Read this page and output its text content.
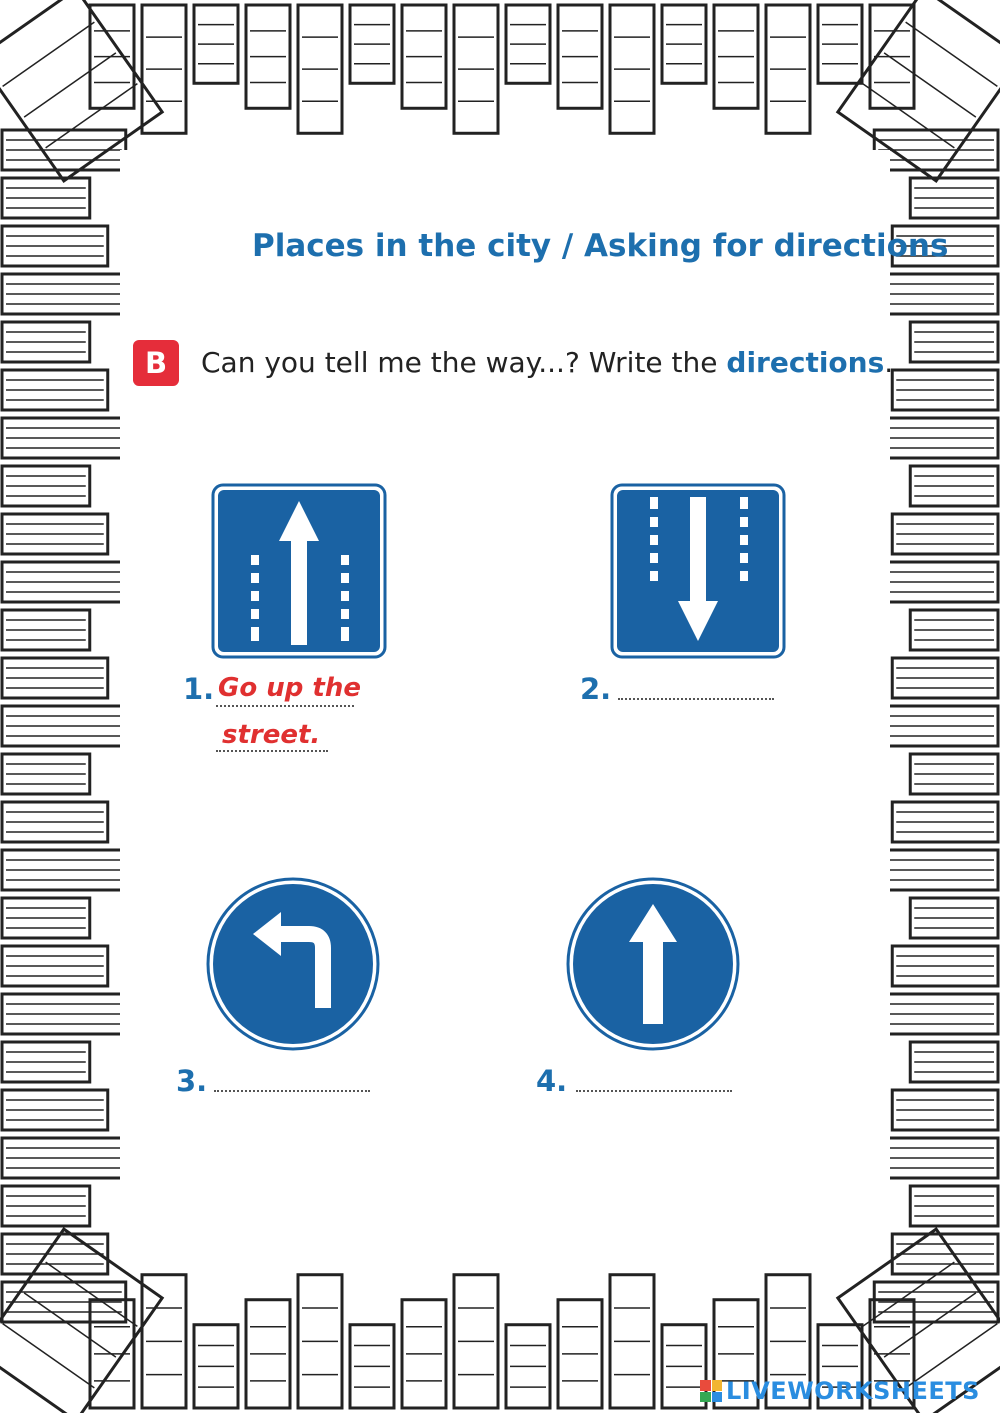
Places in the city / Asking for directions
B	Can you tell me the way...? Write the directions.
1. Go up the
street.
2.
3.	4.
LIVEWORKSHEETS
